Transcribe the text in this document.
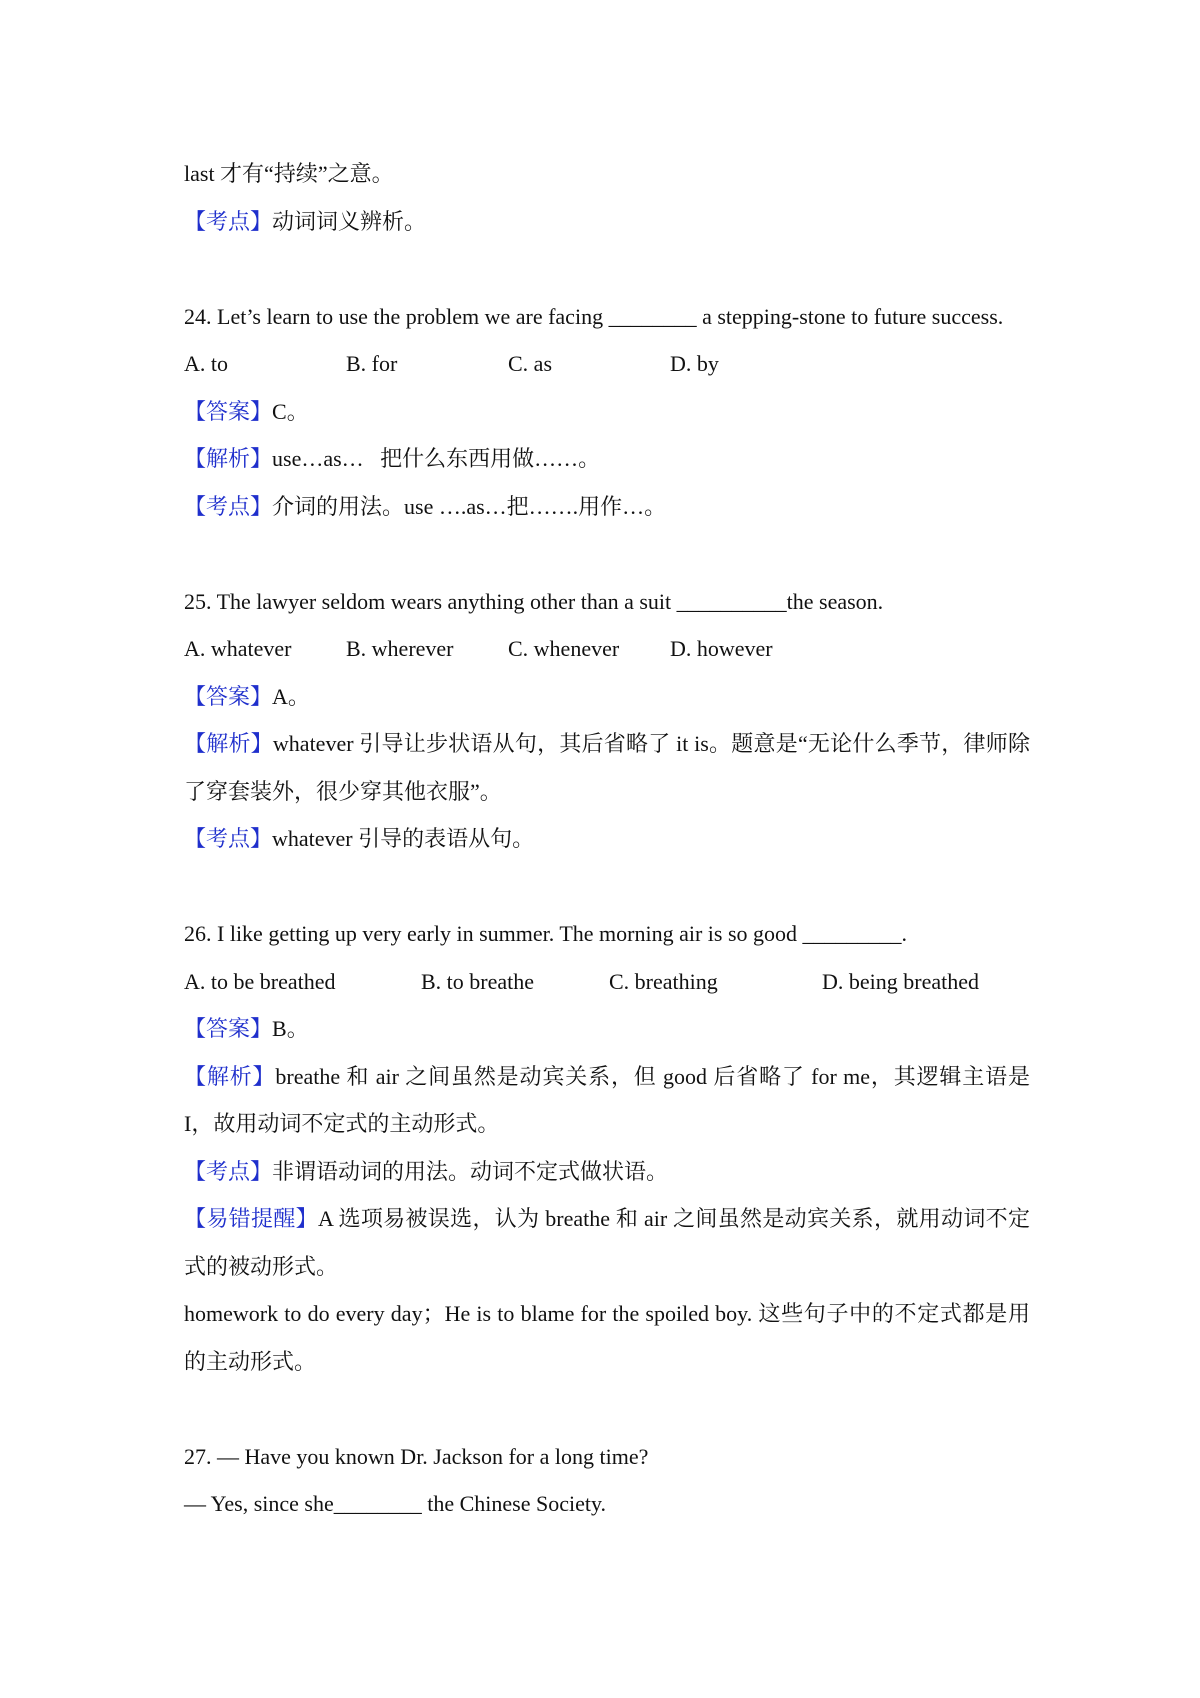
last 才有“持续”之意。
【考点】动词词义辨析。
24. Let’s learn to use the problem we are facing ________ a stepping-stone to future success.
A. to	B. for	C. as	D. by
【答案】C。
【解析】use…as…   把什么东西用做……。
【考点】介词的用法。use ….as…把…….用作…。
25. The lawyer seldom wears anything other than a suit __________the season.
A. whatever	B. wherever	C. whenever	D. however
【答案】A。
【解析】whatever 引导让步状语从句，其后省略了 it is。题意是“无论什么季节，律师除了穿套装外，很少穿其他衣服”。
【考点】whatever 引导的表语从句。
26. I like getting up very early in summer. The morning air is so good _________.
A. to be breathed	B. to breathe	C. breathing	D. being breathed
【答案】B。
【解析】breathe 和 air 之间虽然是动宾关系，但 good 后省略了 for me，其逻辑主语是 I，故用动词不定式的主动形式。
【考点】非谓语动词的用法。动词不定式做状语。
【易错提醒】A 选项易被误选，认为 breathe 和 air 之间虽然是动宾关系，就用动词不定式的被动形式。
homework to do every day；He is to blame for the spoiled boy. 这些句子中的不定式都是用的主动形式。
27. — Have you known Dr. Jackson for a long time?
— Yes, since she________ the Chinese Society.
